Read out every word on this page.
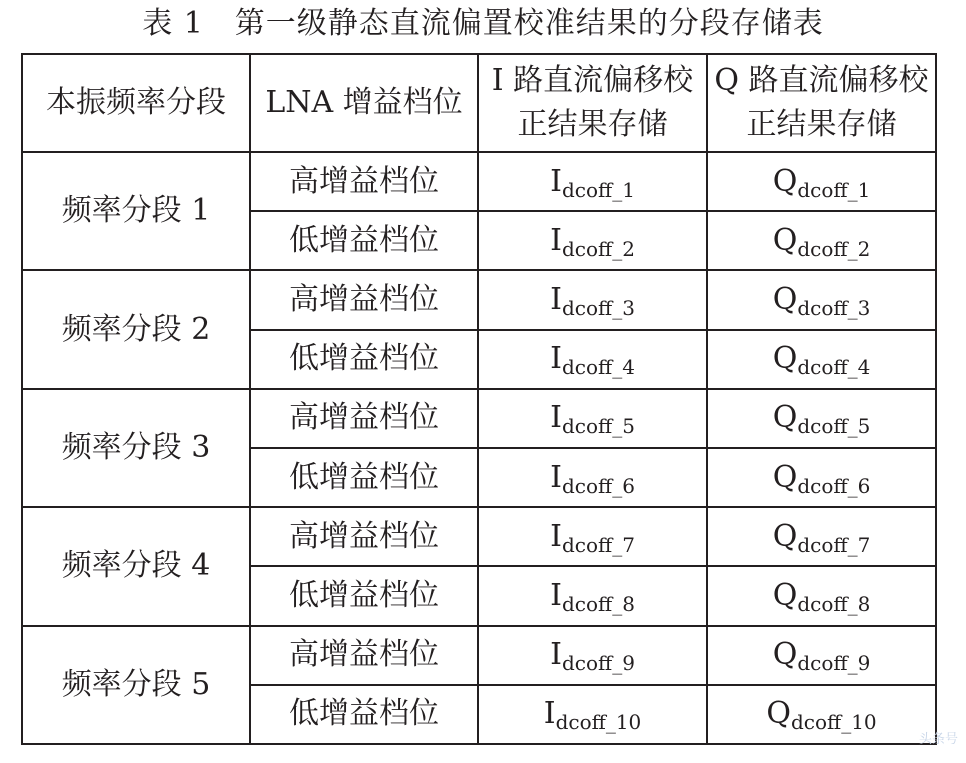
表 1　第一级静态直流偏置校准结果的分段存储表
本振频率分段	LNA 增益档位	I 路直流偏移校正结果存储	Q 路直流偏移校正结果存储
频率分段 1	高增益档位	$I_{dcoff\_1}$	$Q_{dcoff\_1}$
	低增益档位	$I_{dcoff\_2}$	$Q_{dcoff\_2}$
频率分段 2	高增益档位	$I_{dcoff\_3}$	$Q_{dcoff\_3}$
	低增益档位	$I_{dcoff\_4}$	$Q_{dcoff\_4}$
频率分段 3	高增益档位	$I_{dcoff\_5}$	$Q_{dcoff\_5}$
	低增益档位	$I_{dcoff\_6}$	$Q_{dcoff\_6}$
频率分段 4	高增益档位	$I_{dcoff\_7}$	$Q_{dcoff\_7}$
	低增益档位	$I_{dcoff\_8}$	$Q_{dcoff\_8}$
频率分段 5	高增益档位	$I_{dcoff\_9}$	$Q_{dcoff\_9}$
	低增益档位	$I_{dcoff\_10}$	$Q_{dcoff\_10}$
头条号
